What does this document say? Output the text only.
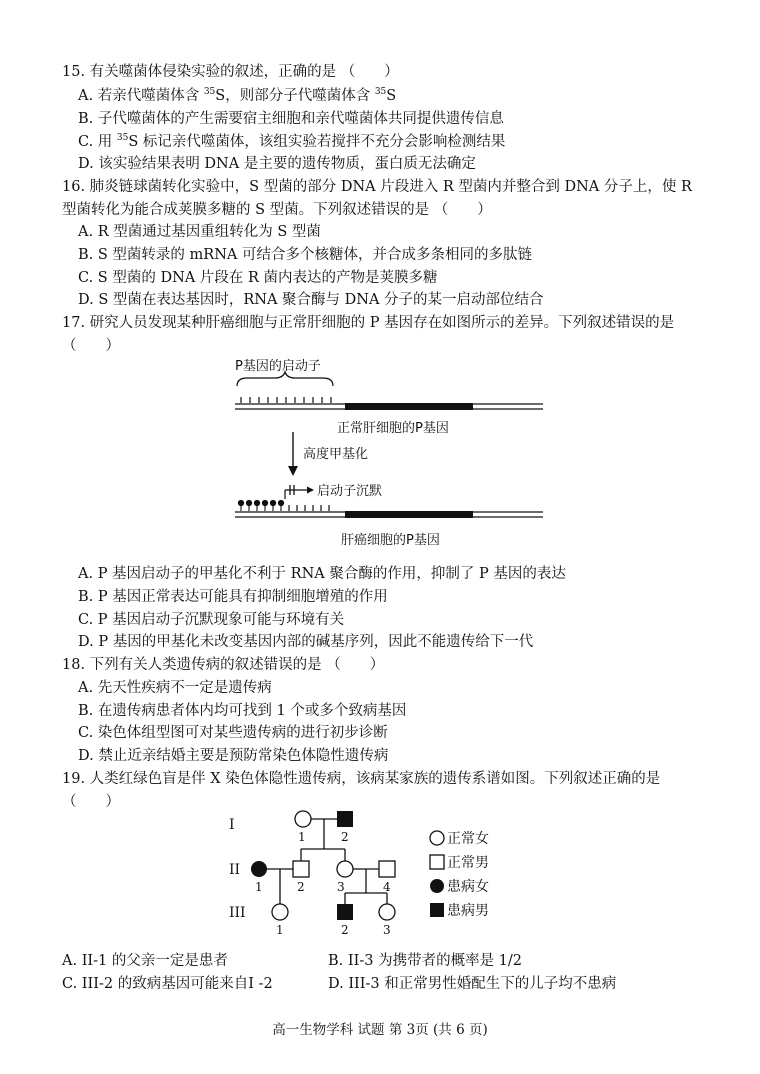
15. 有关噬菌体侵染实验的叙述，正确的是 （　　）
A. 若亲代噬菌体含 $^{35}$S，则部分子代噬菌体含 $^{35}$S
B. 子代噬菌体的产生需要宿主细胞和亲代噬菌体共同提供遗传信息
C. 用 $^{35}$S 标记亲代噬菌体，该组实验若搅拌不充分会影响检测结果
D. 该实验结果表明 DNA 是主要的遗传物质，蛋白质无法确定
16. 肺炎链球菌转化实验中，S 型菌的部分 DNA 片段进入 R 型菌内并整合到 DNA 分子上，使 R
型菌转化为能合成荚膜多糖的 S 型菌。下列叙述错误的是 （　　）
A. R 型菌通过基因重组转化为 S 型菌
B. S 型菌转录的 mRNA 可结合多个核糖体，并合成多条相同的多肽链
C. S 型菌的 DNA 片段在 R 菌内表达的产物是荚膜多糖
D. S 型菌在表达基因时，RNA 聚合酶与 DNA 分子的某一启动部位结合
17. 研究人员发现某种肝癌细胞与正常肝细胞的 P 基因存在如图所示的差异。下列叙述错误的是
（　　）
P基因的启动子
正常肝细胞的P基因
高度甲基化
启动子沉默
肝癌细胞的P基因
A. P 基因启动子的甲基化不利于 RNA 聚合酶的作用，抑制了 P 基因的表达
B. P 基因正常表达可能具有抑制细胞增殖的作用
C. P 基因启动子沉默现象可能与环境有关
D. P 基因的甲基化未改变基因内部的碱基序列，因此不能遗传给下一代
18. 下列有关人类遗传病的叙述错误的是 （　　）
A. 先天性疾病不一定是遗传病
B. 在遗传病患者体内均可找到 1 个或多个致病基因
C. 染色体组型图可对某些遗传病的进行初步诊断
D. 禁止近亲结婚主要是预防常染色体隐性遗传病
19. 人类红绿色盲是伴 X 染色体隐性遗传病，该病某家族的遗传系谱如图。下列叙述正确的是
（　　）
I
II
III
1	2
1	2	3	4
1	2	3
正常女
正常男
患病女
患病男
A. II-1 的父亲一定是患者	B. II-3 为携带者的概率是 1/2
C. III-2 的致病基因可能来自I -2	D. III-3 和正常男性婚配生下的儿子均不患病
高一生物学科 试题 第 3页 (共 6 页)
